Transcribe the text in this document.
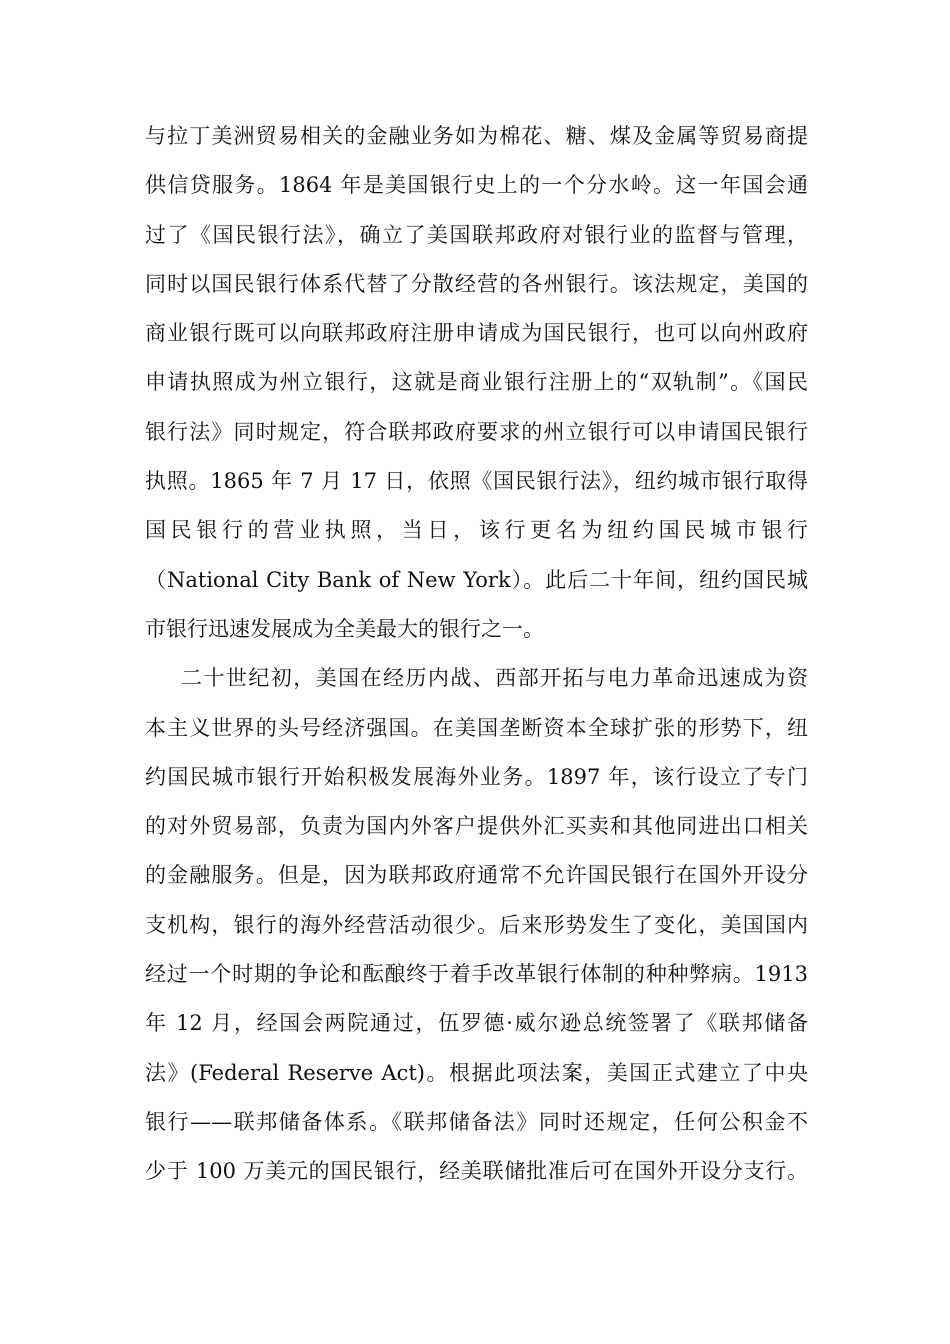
与拉丁美洲贸易相关的金融业务如为棉花、糖、煤及金属等贸易商提
供信贷服务。1864 年是美国银行史上的一个分水岭。这一年国会通
过了《国民银行法》，确立了美国联邦政府对银行业的监督与管理，
同时以国民银行体系代替了分散经营的各州银行。该法规定，美国的
商业银行既可以向联邦政府注册申请成为国民银行，也可以向州政府
申请执照成为州立银行，这就是商业银行注册上的“双轨制”。《国民
银行法》同时规定，符合联邦政府要求的州立银行可以申请国民银行
执照。1865 年 7 月 17 日，依照《国民银行法》，纽约城市银行取得
国民银行的营业执照，当日，该行更名为纽约国民城市银行
（National City Bank of New York）。此后二十年间，纽约国民城
市银行迅速发展成为全美最大的银行之一。
二十世纪初，美国在经历内战、西部开拓与电力革命迅速成为资
本主义世界的头号经济强国。在美国垄断资本全球扩张的形势下，纽
约国民城市银行开始积极发展海外业务。1897 年，该行设立了专门
的对外贸易部，负责为国内外客户提供外汇买卖和其他同进出口相关
的金融服务。但是，因为联邦政府通常不允许国民银行在国外开设分
支机构，银行的海外经营活动很少。后来形势发生了变化，美国国内
经过一个时期的争论和酝酿终于着手改革银行体制的种种弊病。1913
年 12 月，经国会两院通过，伍罗德·威尔逊总统签署了《联邦储备
法》(Federal Reserve Act)。根据此项法案，美国正式建立了中央
银行——联邦储备体系。《联邦储备法》同时还规定，任何公积金不
少于 100 万美元的国民银行，经美联储批准后可在国外开设分支行。
